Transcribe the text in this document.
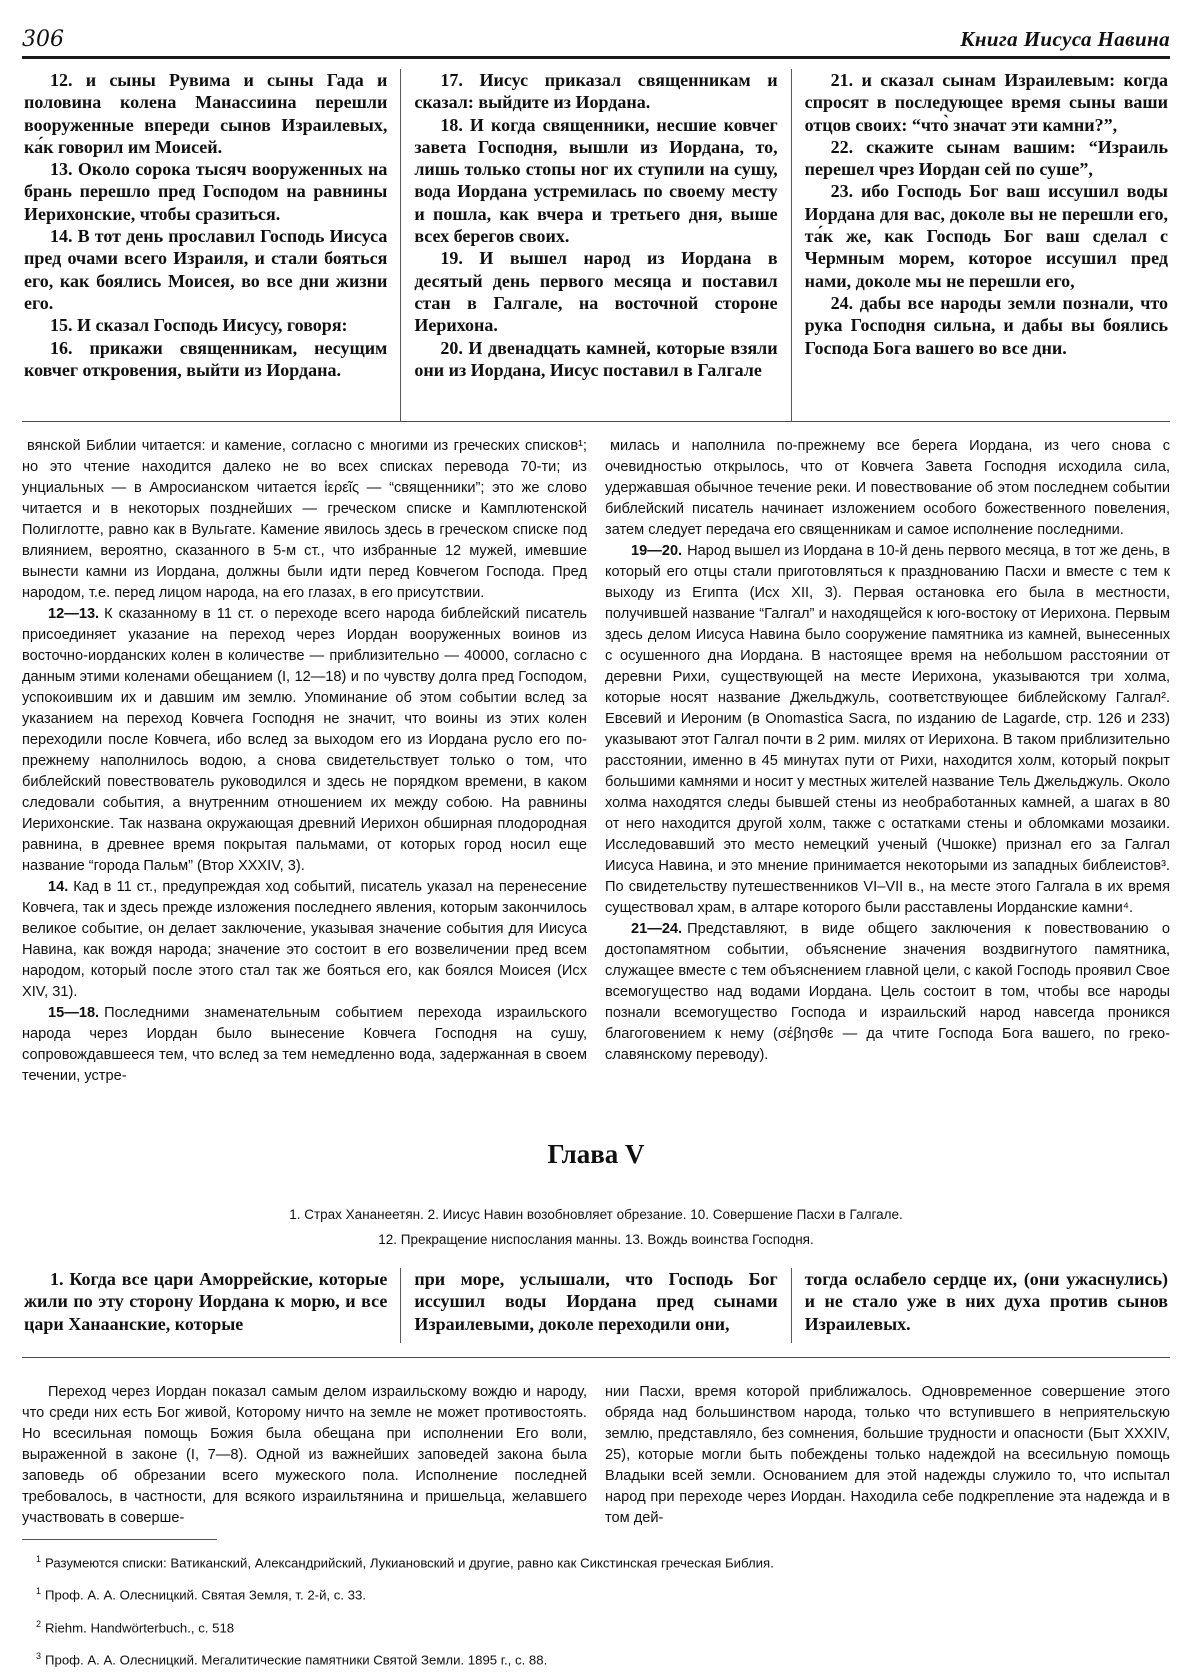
306	Книга Иисуса Навина

12. и сыны Рувима и сыны Гада и половина колена Манассиина перешли вооруженные впереди сынов Израилевых, ка́к говорил им Моисей.

13. Около сорока тысяч вооруженных на брань перешло пред Господом на равнины Иерихонские, чтобы сразиться.

14. В тот день прославил Господь Иисуса пред очами всего Израиля, и стали бояться его, как боялись Моисея, во все дни жизни его.

15. И сказал Господь Иисусу, говоря:

16. прикажи священникам, несущим ковчег откровения, выйти из Иордана.

17. Иисус приказал священникам и сказал: выйдите из Иордана.

18. И когда священники, несшие ковчег завета Господня, вышли из Иордана, то, лишь только стопы ног их ступили на сушу, вода Иордана устремилась по своему месту и пошла, как вчера и третьего дня, выше всех берегов своих.

19. И вышел народ из Иордана в десятый день первого месяца и поставил стан в Галгале, на восточной стороне Иерихона.

20. И двенадцать камней, которые взяли они из Иордана, Иисус поставил в Галгале

21. и сказал сынам Израилевым: когда спросят в последующее время сыны ваши отцов своих: “что̀ значат эти камни?”,

22. скажите сынам вашим: “Израиль перешел чрез Иордан сей по суше”,

23. ибо Господь Бог ваш иссушил воды Иордана для вас, доколе вы не перешли его, та́к же, как Господь Бог ваш сделал с Чермным морем, которое иссушил пред нами, доколе мы не перешли его,

24. дабы все народы земли познали, что рука Господня сильна, и дабы вы боялись Господа Бога вашего во все дни.

вянской Библии читается: и камение, согласно с многими из греческих списков¹; но это чтение находится далеко не во всех списках перевода 70-ти; из унциальных — в Амросианском читается ἱερεῖς — “священники”; это же слово читается и в некоторых позднейших — греческом списке и Камплютенской Полиглотте, равно как в Вульгате. Камение явилось здесь в греческом списке под влиянием, вероятно, сказанного в 5-м ст., что избранные 12 мужей, имевшие вынести камни из Иордана, должны были идти перед Ковчегом Господа. Пред народом, т.е. перед лицом народа, на его глазах, в его присутствии.

12—13. К сказанному в 11 ст. о переходе всего народа библейский писатель присоединяет указание на переход через Иордан вооруженных воинов из восточно-иорданских колен в количестве — приблизительно — 40000, согласно с данным этими коленами обещанием (I, 12—18) и по чувству долга пред Господом, успокоившим их и давшим им землю. Упоминание об этом событии вслед за указанием на переход Ковчега Господня не значит, что воины из этих колен переходили после Ковчега, ибо вслед за выходом его из Иордана русло его по-прежнему наполнилось водою, а снова свидетельствует только о том, что библейский повествователь руководился и здесь не порядком времени, в каком следовали события, а внутренним отношением их между собою. На равнины Иерихонские. Так названа окружающая древний Иерихон обширная плодородная равнина, в древнее время покрытая пальмами, от которых город носил еще название “города Пальм” (Втор XXXIV, 3).

14. Кад в 11 ст., предупреждая ход событий, писатель указал на перенесение Ковчега, так и здесь прежде изложения последнего явления, которым закончилось великое событие, он делает заключение, указывая значение события для Иисуса Навина, как вождя народа; значение это состоит в его возвеличении пред всем народом, который после этого стал так же бояться его, как боялся Моисея (Исх XIV, 31).

15—18. Последними знаменательным событием перехода израильского народа через Иордан было вынесение Ковчега Господня на сушу, сопровождавшееся тем, что вслед за тем немедленно вода, задержанная в своем течении, устре-

милась и наполнила по-прежнему все берега Иордана, из чего снова с очевидностью открылось, что от Ковчега Завета Господня исходила сила, удержавшая обычное течение реки. И повествование об этом последнем событии библейский писатель начинает изложением особого божественного повеления, затем следует передача его священникам и самое исполнение последними.

19—20. Народ вышел из Иордана в 10-й день первого месяца, в тот же день, в который его отцы стали приготовляться к празднованию Пасхи и вместе с тем к выходу из Египта (Исх XII, 3). Первая остановка его была в местности, получившей название “Галгал” и находящейся к юго-востоку от Иерихона. Первым здесь делом Иисуса Навина было сооружение памятника из камней, вынесенных с осушенного дна Иордана. В настоящее время на небольшом расстоянии от деревни Рихи, существующей на месте Иерихона, указываются три холма, которые носят название Джельджуль, соответствующее библейскому Галгал². Евсевий и Иероним (в Onomastica Sacra, по изданию de Lagarde, стр. 126 и 233) указывают этот Галгал почти в 2 рим. милях от Иерихона. В таком приблизительно расстоянии, именно в 45 минутах пути от Рихи, находится холм, который покрыт большими камнями и носит у местных жителей название Тель Джельджуль. Около холма находятся следы бывшей стены из необработанных камней, а шагах в 80 от него находится другой холм, также с остатками стены и обломками мозаики. Исследовавший это место немецкий ученый (Чшокке) признал его за Галгал Иисуса Навина, и это мнение принимается некоторыми из западных библеистов³. По свидетельству путешественников VI–VII в., на месте этого Галгала в их время существовал храм, в алтаре которого были расставлены Иорданские камни⁴.

21—24. Представляют, в виде общего заключения к повествованию о достопамятном событии, объяснение значения воздвигнутого памятника, служащее вместе с тем объяснением главной цели, с какой Господь проявил Свое всемогущество над водами Иордана. Цель состоит в том, чтобы все народы познали всемогущество Господа и израильский народ навсегда проникся благоговением к нему (σέβησθε — да чтите Господа Бога вашего, по греко-славянскому переводу).

Глава V

1. Страх Хананеетян. 2. Иисус Навин возобновляет обрезание. 10. Совершение Пасхи в Галгале.

12. Прекращение ниспослания манны. 13. Вождь воинства Господня.

1. Когда все цари Аморрейские, которые жили по эту сторону Иордана к морю, и все цари Ханаанские, которые

при море, услышали, что Господь Бог иссушил воды Иордана пред сынами Израилевыми, доколе переходили они,

тогда ослабело сердце их, (они ужаснулись) и не стало уже в них духа против сынов Израилевых.

Переход через Иордан показал самым делом израильскому вождю и народу, что среди них есть Бог живой, Которому ничто на земле не может противостоять. Но всесильная помощь Божия была обещана при исполнении Его воли, выраженной в законе (I, 7—8). Одной из важнейших заповедей закона была заповедь об обрезании всего мужеского пола. Исполнение последней требовалось, в частности, для всякого израильтянина и пришельца, желавшего участвовать в соверше-

нии Пасхи, время которой приближалось. Одновременное совершение этого обряда над большинством народа, только что вступившего в неприятельскую землю, представляло, без сомнения, большие трудности и опасности (Быт XXXIV, 25), которые могли быть побеждены только надеждой на всесильную помощь Владыки всей земли. Основанием для этой надежды служило то, что испытал народ при переходе через Иордан. Находила себе подкрепление эта надежда и в том дей-

$^1$ Разумеются списки: Ватиканский, Александрийский, Лукиановский и другие, равно как Сикстинская греческая Библия.

$^1$ Проф. А. А. Олесницкий. Святая Земля, т. 2-й, с. 33.

$^2$ Riehm. Handwörterbuch., с. 518

$^3$ Проф. А. А. Олесницкий. Мегалитические памятники Святой Земли. 1895 г., с. 88.
